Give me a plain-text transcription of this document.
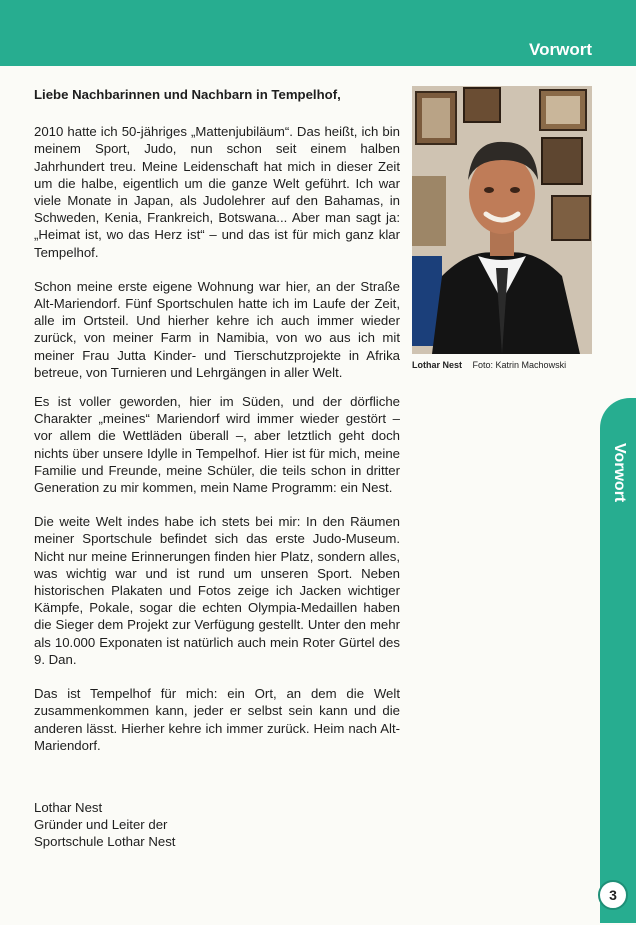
Vorwort

Liebe Nachbarinnen und Nachbarn in Tempelhof,

2010 hatte ich 50-jähriges „Mattenjubiläum“. Das heißt, ich bin meinem Sport, Judo, nun schon seit einem halben Jahrhundert treu. Meine Leidenschaft hat mich in dieser Zeit um die halbe, eigentlich um die ganze Welt geführt. Ich war viele Monate in Japan, als Judolehrer auf den Bahamas, in Schweden, Kenia, Frankreich, Botswana... Aber man sagt ja: „Heimat ist, wo das Herz ist“ – und das ist für mich ganz klar Tempelhof.

Schon meine erste eigene Wohnung war hier, an der Straße Alt-Mariendorf. Fünf Sportschulen hatte ich im Laufe der Zeit, alle im Ortsteil. Und hierher kehre ich auch immer wieder zurück, von meiner Farm in Namibia, von wo aus ich mit meiner Frau Jutta Kinder- und Tierschutzprojekte in Afrika betreue, von Turnieren und Lehrgängen in aller Welt.

Es ist voller geworden, hier im Süden, und der dörfliche Charakter „meines“ Mariendorf wird immer wieder gestört – vor allem die Wettläden überall –, aber letztlich geht doch nichts über unsere Idylle in Tempelhof. Hier ist für mich, meine Familie und Freunde, meine Schüler, die teils schon in dritter Generation zu mir kommen, mein Name Programm: ein Nest.

Die weite Welt indes habe ich stets bei mir: In den Räumen meiner Sportschule befindet sich das erste Judo-Museum. Nicht nur meine Erinnerungen finden hier Platz, sondern alles, was wichtig war und ist rund um unseren Sport. Neben historischen Plakaten und Fotos zeige ich Jacken wichtiger Kämpfe, Pokale, sogar die echten Olympia-Medaillen haben die Sieger dem Projekt zur Verfügung gestellt. Unter den mehr als 10.000 Exponaten ist natürlich auch mein Roter Gürtel des 9. Dan.

Das ist Tempelhof für mich: ein Ort, an dem die Welt zusammenkommen kann, jeder er selbst sein kann und die anderen lässt. Hierher kehre ich immer zurück. Heim nach Alt-Mariendorf.

Lothar Nest
Gründer und Leiter der
Sportschule Lothar Nest
Lothar Nest Foto: Katrin Machowski
Vorwort
3
